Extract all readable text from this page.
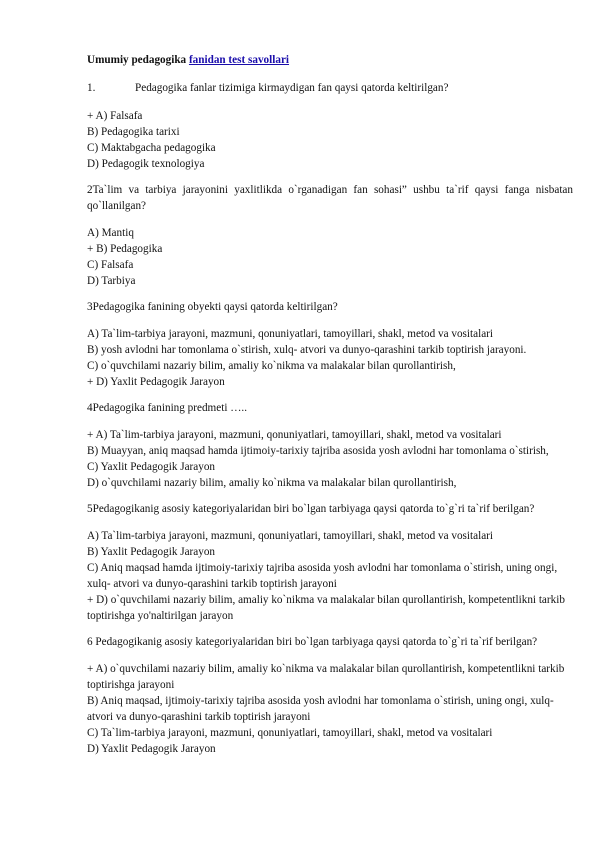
Umumiy pedagogika fanidan test savollari

1.	Pedagogika fanlar tizimiga kirmaydigan fan qaysi qatorda keltirilgan?
+ A) Falsafa
B) Pedagogika tarixi
C) Maktabgacha pedagogika
D) Pedagogik texnologiya

2Ta`lim va tarbiya jarayonini yaxlitlikda o`rganadigan fan sohasi” ushbu ta`rif qaysi fanga nisbatan qo`llanilgan?

A) Mantiq
+ B) Pedagogika
C) Falsafa
D) Tarbiya

3Pedagogika fanining obyekti qaysi qatorda keltirilgan?

A) Ta`lim-tarbiya jarayoni, mazmuni, qonuniyatlari, tamoyillari, shakl, metod va vositalari
B) yosh avlodni har tomonlama o`stirish, xulq- atvori va dunyo-qarashini tarkib toptirish jarayoni.
C) o`quvchilami nazariy bilim, amaliy ko`nikma va malakalar bilan qurollantirish,
+ D) Yaxlit Pedagogik Jarayon

4Pedagogika fanining predmeti …..

+ A) Ta`lim-tarbiya jarayoni, mazmuni, qonuniyatlari, tamoyillari, shakl, metod va vositalari
B) Muayyan, aniq maqsad hamda ijtimoiy-tarixiy tajriba asosida yosh avlodni har tomonlama o`stirish,
C) Yaxlit Pedagogik Jarayon
D) o`quvchilami nazariy bilim, amaliy ko`nikma va malakalar bilan qurollantirish,

5Pedagogikanig asosiy kategoriyalaridan biri bo`lgan tarbiyaga qaysi qatorda to`g`ri ta`rif berilgan?

A) Ta`lim-tarbiya jarayoni, mazmuni, qonuniyatlari, tamoyillari, shakl, metod va vositalari
B) Yaxlit Pedagogik Jarayon
C) Aniq maqsad hamda ijtimoiy-tarixiy tajriba asosida yosh avlodni har tomonlama o`stirish, uning ongi, xulq- atvori va dunyo-qarashini tarkib toptirish jarayoni
+ D) o`quvchilami nazariy bilim, amaliy ko`nikma va malakalar bilan qurollantirish, kompetentlikni tarkib toptirishga yo'naltirilgan jarayon

6 Pedagogikanig asosiy kategoriyalaridan biri bo`lgan tarbiyaga qaysi qatorda to`g`ri ta`rif berilgan?

+ A) o`quvchilami nazariy bilim, amaliy ko`nikma va malakalar bilan qurollantirish, kompetentlikni tarkib toptirishga jarayoni
B) Aniq maqsad, ijtimoiy-tarixiy tajriba asosida yosh avlodni har tomonlama o`stirish, uning ongi, xulq- atvori va dunyo-qarashini tarkib toptirish jarayoni
C) Ta`lim-tarbiya jarayoni, mazmuni, qonuniyatlari, tamoyillari, shakl, metod va vositalari
D) Yaxlit Pedagogik Jarayon
